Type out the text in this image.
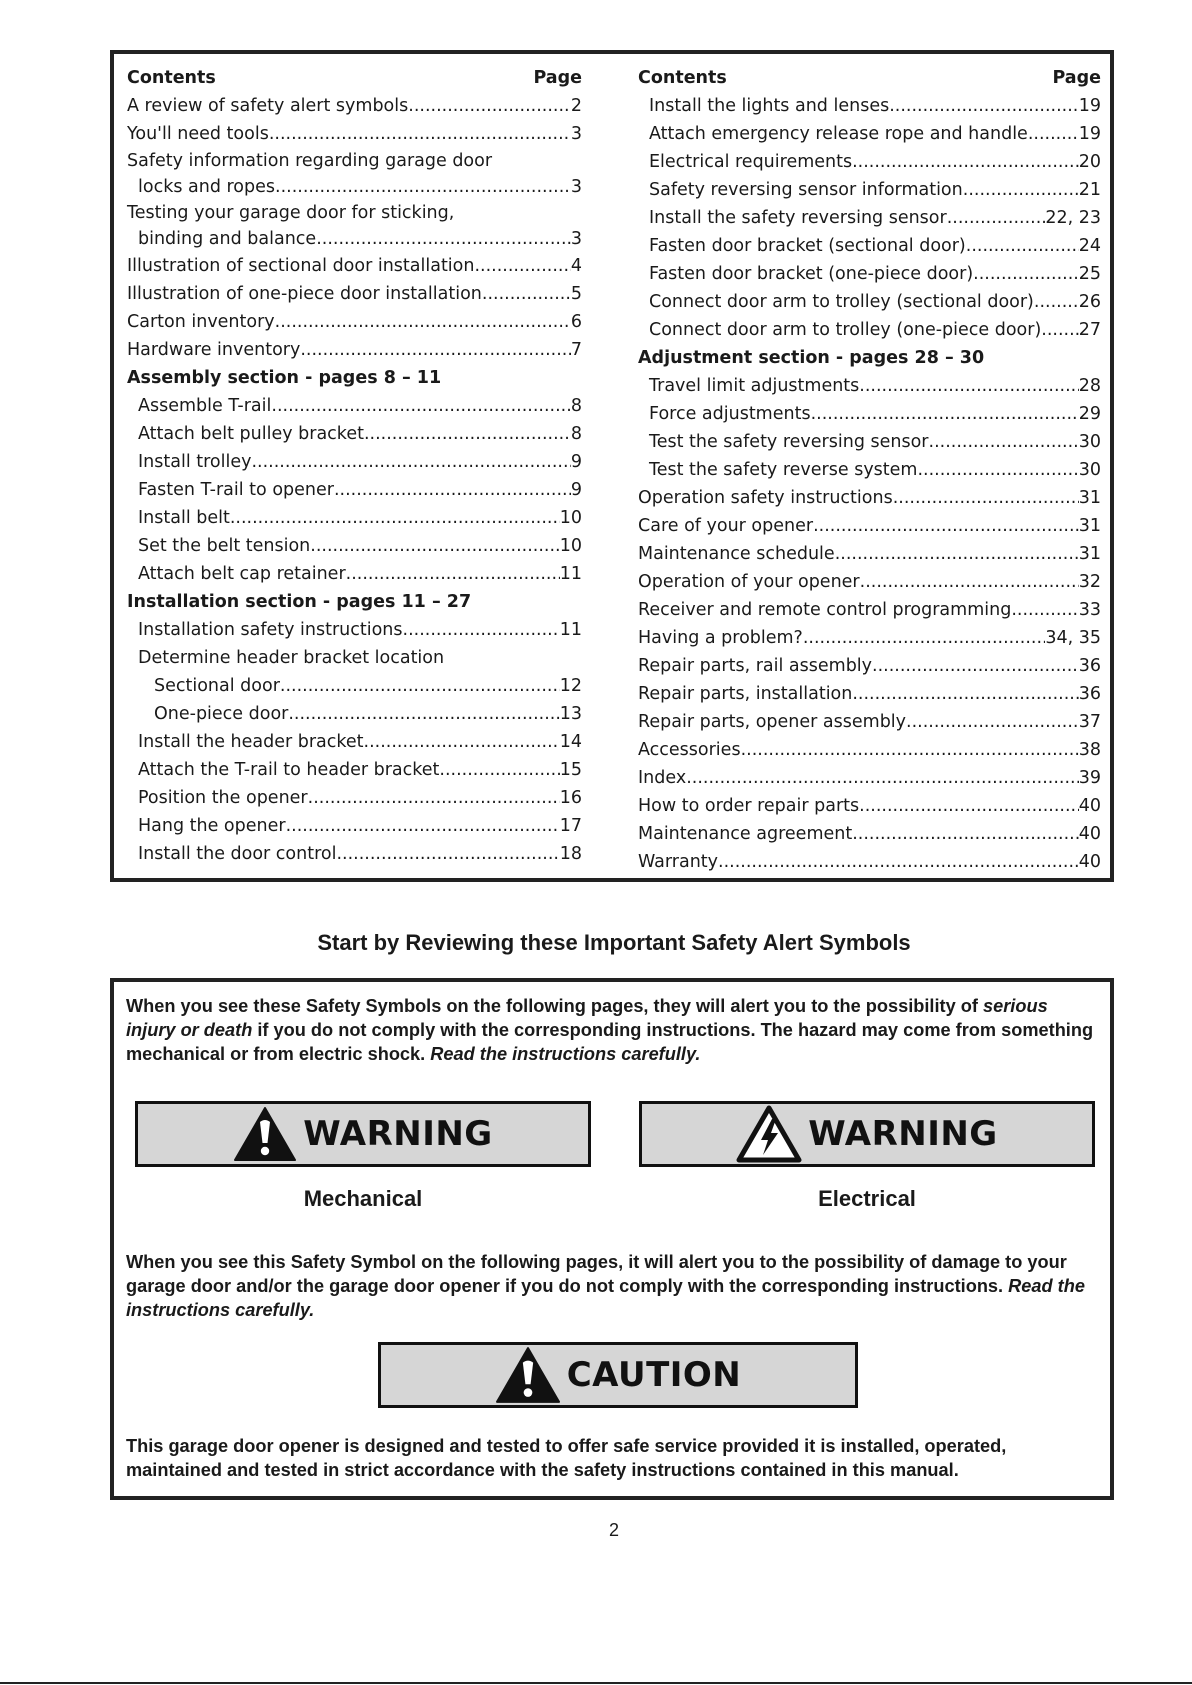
Contents	Page
A review of safety alert symbols .....	2
You'll need tools .....	3
Safety information regarding garage door
locks and ropes .....	3
Testing your garage door for sticking,
binding and balance .....	3
Illustration of sectional door installation .....	4
Illustration of one-piece door installation .....	5
Carton inventory .....	6
Hardware inventory .....	7
Assembly section - pages 8 – 11
Assemble T-rail .....	8
Attach belt pulley bracket .....	8
Install trolley .....	9
Fasten T-rail to opener .....	9
Install belt .....	10
Set the belt tension .....	10
Attach belt cap retainer .....	11
Installation section - pages 11 – 27
Installation safety instructions .....	11
Determine header bracket location
Sectional door .....	12
One-piece door .....	13
Install the header bracket .....	14
Attach the T-rail to header bracket .....	15
Position the opener .....	16
Hang the opener .....	17
Install the door control .....	18
Contents	Page
Install the lights and lenses .....	19
Attach emergency release rope and handle .....	19
Electrical requirements .....	20
Safety reversing sensor information .....	21
Install the safety reversing sensor .....	22, 23
Fasten door bracket (sectional door) .....	24
Fasten door bracket (one-piece door) .....	25
Connect door arm to trolley (sectional door) .....	26
Connect door arm to trolley (one-piece door) ..... 27
Adjustment section - pages 28 – 30
Travel limit adjustments .....	28
Force adjustments .....	29
Test the safety reversing sensor .....	30
Test the safety reverse system .....	30
Operation safety instructions .....	31
Care of your opener .....	31
Maintenance schedule .....	31
Operation of your opener .....	32
Receiver and remote control programming .....	33
Having a problem? .....	34, 35
Repair parts, rail assembly .....	36
Repair parts, installation .....	36
Repair parts, opener assembly .....	37
Accessories .....	38
Index .....	39
How to order repair parts .....	40
Maintenance agreement .....	40
Warranty .....	40
Start by Reviewing these Important Safety Alert Symbols
When you see these Safety Symbols on the following pages, they will alert you to the possibility of serious injury or death if you do not comply with the corresponding instructions. The hazard may come from something mechanical or from electric shock. Read the instructions carefully.
WARNING	WARNING
Mechanical	Electrical
When you see this Safety Symbol on the following pages, it will alert you to the possibility of damage to your garage door and/or the garage door opener if you do not comply with the corresponding instructions. Read the instructions carefully.
CAUTION
This garage door opener is designed and tested to offer safe service provided it is installed, operated, maintained and tested in strict accordance with the safety instructions contained in this manual.
2
